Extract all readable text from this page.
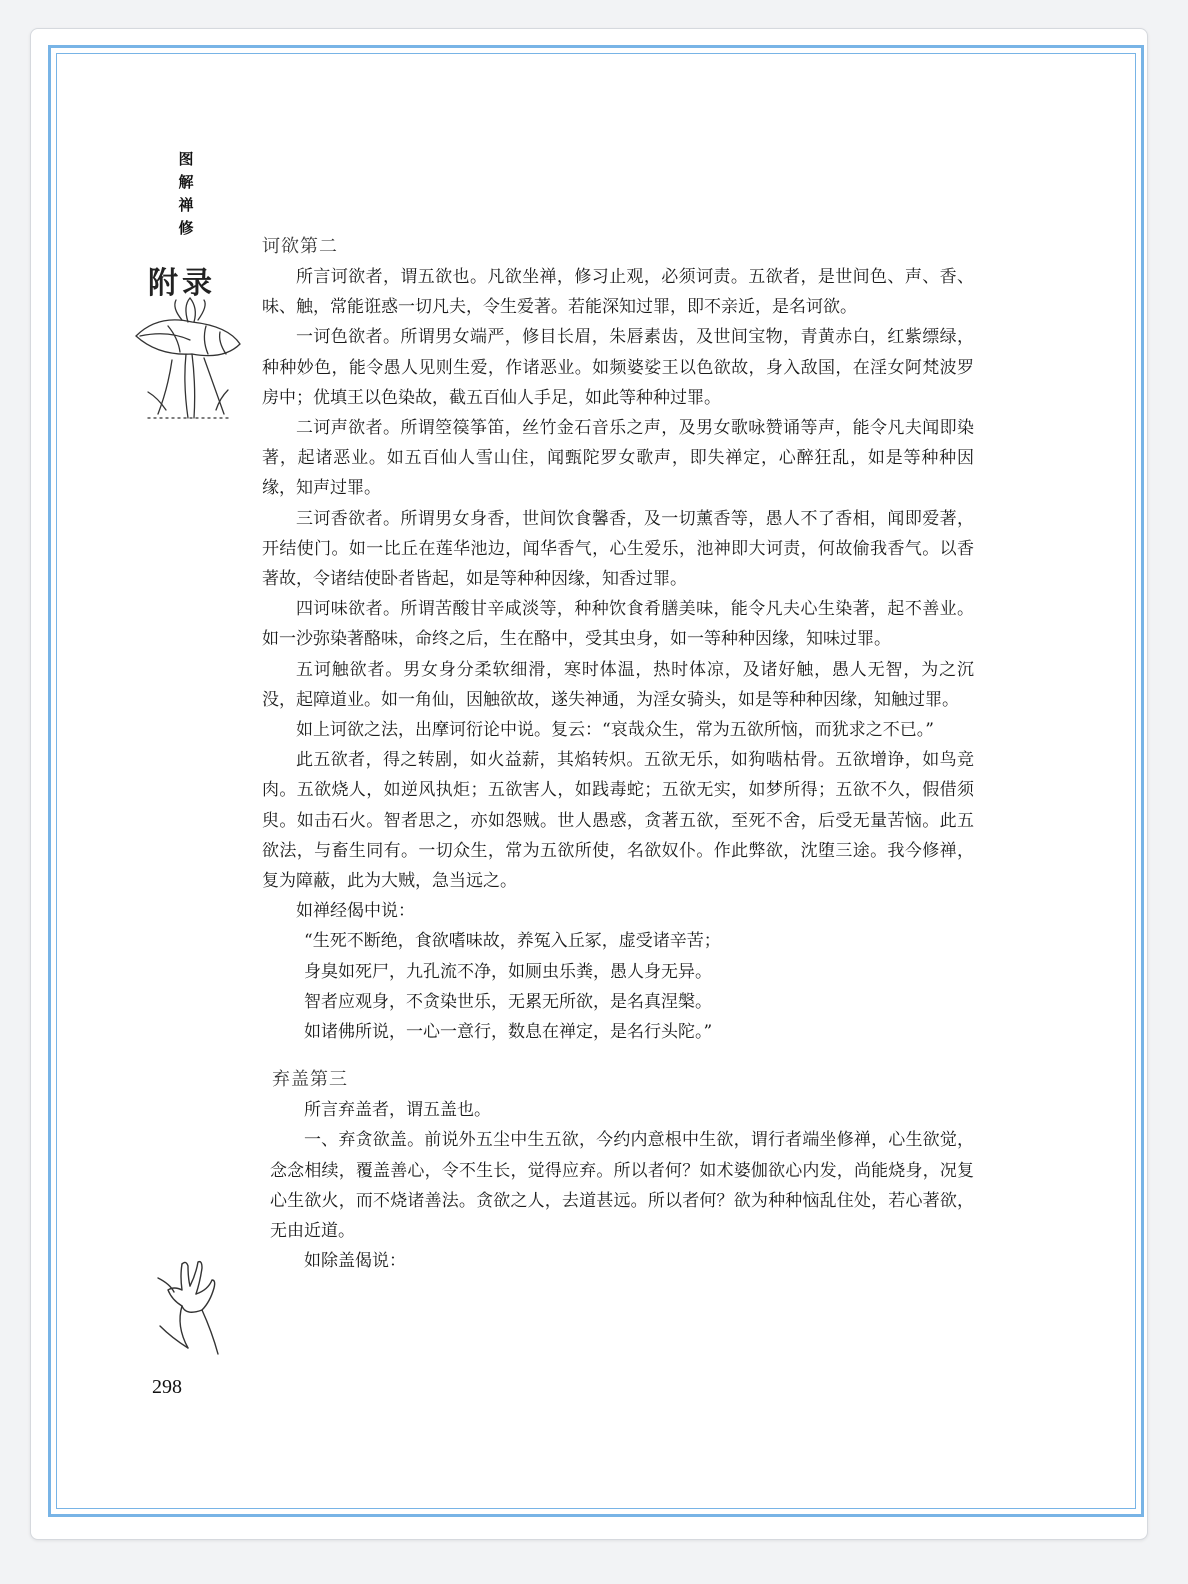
图解禅修
附录
诃欲第二

所言诃欲者，谓五欲也。凡欲坐禅，修习止观，必须诃责。五欲者，是世间色、声、香、味、触，常能诳惑一切凡夫，令生爱著。若能深知过罪，即不亲近，是名诃欲。

一诃色欲者。所谓男女端严，修目长眉，朱唇素齿，及世间宝物，青黄赤白，红紫缥绿，种种妙色，能令愚人见则生爱，作诸恶业。如频婆娑王以色欲故，身入敌国，在淫女阿梵波罗房中；优填王以色染故，截五百仙人手足，如此等种种过罪。

二诃声欲者。所谓箜篌筝笛，丝竹金石音乐之声，及男女歌咏赞诵等声，能令凡夫闻即染著，起诸恶业。如五百仙人雪山住，闻甄陀罗女歌声，即失禅定，心醉狂乱，如是等种种因缘，知声过罪。

三诃香欲者。所谓男女身香，世间饮食馨香，及一切薰香等，愚人不了香相，闻即爱著，开结使门。如一比丘在莲华池边，闻华香气，心生爱乐，池神即大诃责，何故偷我香气。以香著故，令诸结使卧者皆起，如是等种种因缘，知香过罪。

四诃味欲者。所谓苦酸甘辛咸淡等，种种饮食肴膳美味，能令凡夫心生染著，起不善业。如一沙弥染著酪味，命终之后，生在酪中，受其虫身，如一等种种因缘，知味过罪。

五诃触欲者。男女身分柔软细滑，寒时体温，热时体凉，及诸好触，愚人无智，为之沉没，起障道业。如一角仙，因触欲故，遂失神通，为淫女骑头，如是等种种因缘，知触过罪。

如上诃欲之法，出摩诃衍论中说。复云：“哀哉众生，常为五欲所恼，而犹求之不已。”

此五欲者，得之转剧，如火益薪，其焰转炽。五欲无乐，如狗啮枯骨。五欲增诤，如鸟竞肉。五欲烧人，如逆风执炬；五欲害人，如践毒蛇；五欲无实，如梦所得；五欲不久，假借须臾。如击石火。智者思之，亦如怨贼。世人愚惑，贪著五欲，至死不舍，后受无量苦恼。此五欲法，与畜生同有。一切众生，常为五欲所使，名欲奴仆。作此弊欲，沈堕三途。我今修禅，复为障蔽，此为大贼，急当远之。

如禅经偈中说：

“生死不断绝，食欲嗜味故，养冤入丘冢，虚受诸辛苦；

身臭如死尸，九孔流不净，如厕虫乐粪，愚人身无异。

智者应观身，不贪染世乐，无累无所欲，是名真涅槃。

如诸佛所说，一心一意行，数息在禅定，是名行头陀。”

弃盖第三

所言弃盖者，谓五盖也。

一、弃贪欲盖。前说外五尘中生五欲，今约内意根中生欲，谓行者端坐修禅，心生欲觉，念念相续，覆盖善心，令不生长，觉得应弃。所以者何？如术婆伽欲心内发，尚能烧身，况复心生欲火，而不烧诸善法。贪欲之人，去道甚远。所以者何？欲为种种恼乱住处，若心著欲，无由近道。

如除盖偈说：

298
